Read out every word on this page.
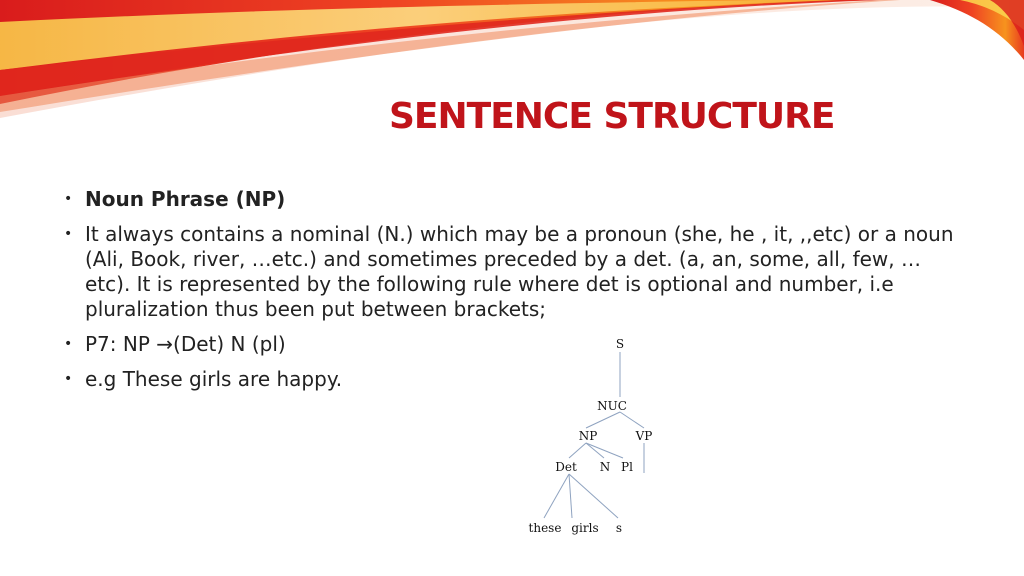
SENTENCE STRUCTURE
• Noun Phrase (NP)
• It always contains a nominal (N.) which may be a pronoun (she, he , it, ,,etc) or a noun (Ali, Book, river, …etc.) and sometimes preceded by a det. (a, an, some, all, few, …etc). It is represented by the following rule where det is optional and number, i.e pluralization thus been put between brackets;
• P7: NP →(Det) N (pl)
• e.g These girls are happy.
S
NUC
NP	VP
Det N Pl
these girls s
